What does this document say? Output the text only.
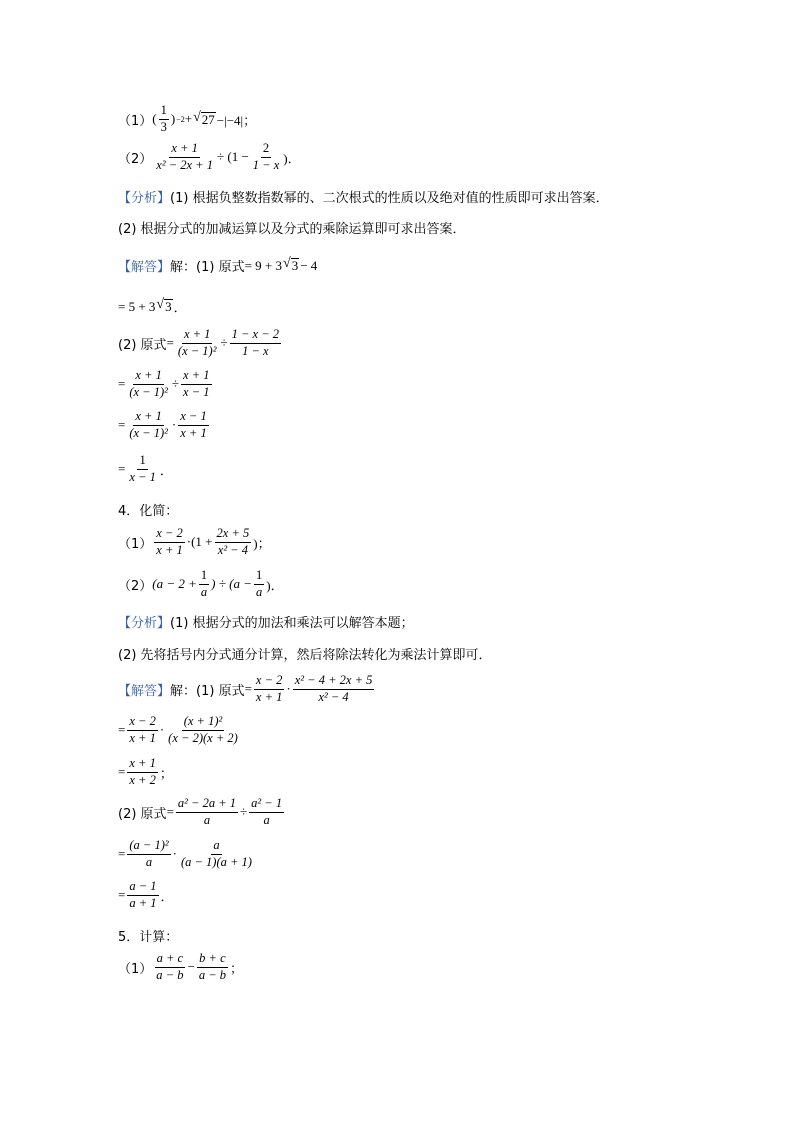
（1） ( $\frac{1}{3}$ ) −2 + √ 27 −|−4|；
$(2) \frac{x + 1}{\text{x² − 2x + 1}} \div (1 - \frac{2}{1 - x}$ )．
【分析】 (1) 根据负整数指数幂的、二次根式的性质以及绝对值的性质即可求出答案．
(2) 根据分式的加减运算以及分式的乘除运算即可求出答案．
【解答】 解：(1) 原式 = 9 + 3 √ 3 − 4
= 5 + 3 √ 3 ．
(2) 原式 = $\frac{x + 1}{\text{(x − 1)²}} \div \frac{1 - x - 2}{1 - x}$
= $\frac{x + 1}{\text{(x − 1)²}} \div \frac{x + 1}{x - 1}$
= $\frac{x + 1}{\text{(x − 1)²}} \cdot \frac{x - 1}{x + 1}$
= $\frac{1}{x - 1}$ ．
4．化简：
$(1) \frac{x - 2}{x + 1} \cdot(1 + \frac{2x + 5}{\text{x² − 4}}$ )；
（2） ($a - 2 + \frac{1}{a}$ ) ÷ ($a - \frac{1}{a}$ )．
【分析】 (1) 根据分式的加法和乘法可以解答本题；
(2) 先将括号内分式通分计算，然后将除法转化为乘法计算即可．
【解答】 解：(1) 原式 = $\frac{x - 2}{x + 1} \cdot \frac{\text{x² − 4 + 2x + 5}}{\text{x² − 4}}$
= $\frac{x - 2}{x + 1} \cdot \frac{\text{(x + 1)²}}{(x - 2)(x + 2)}$
= $\frac{x + 1}{x + 2}$ ；
(2) 原式 = $\frac{\text{a² − 2a + 1}}{a} \div \frac{\text{a² − 1}}{a}$
= $\frac{\text{(a − 1)²}}{a} \cdot \frac{a}{(a - 1)(a + 1)}$
= $\frac{a - 1}{a + 1}$ ．
5．计算：
$(1) \frac{a + c}{a - b} - \frac{b + c}{a - b}$ ；
